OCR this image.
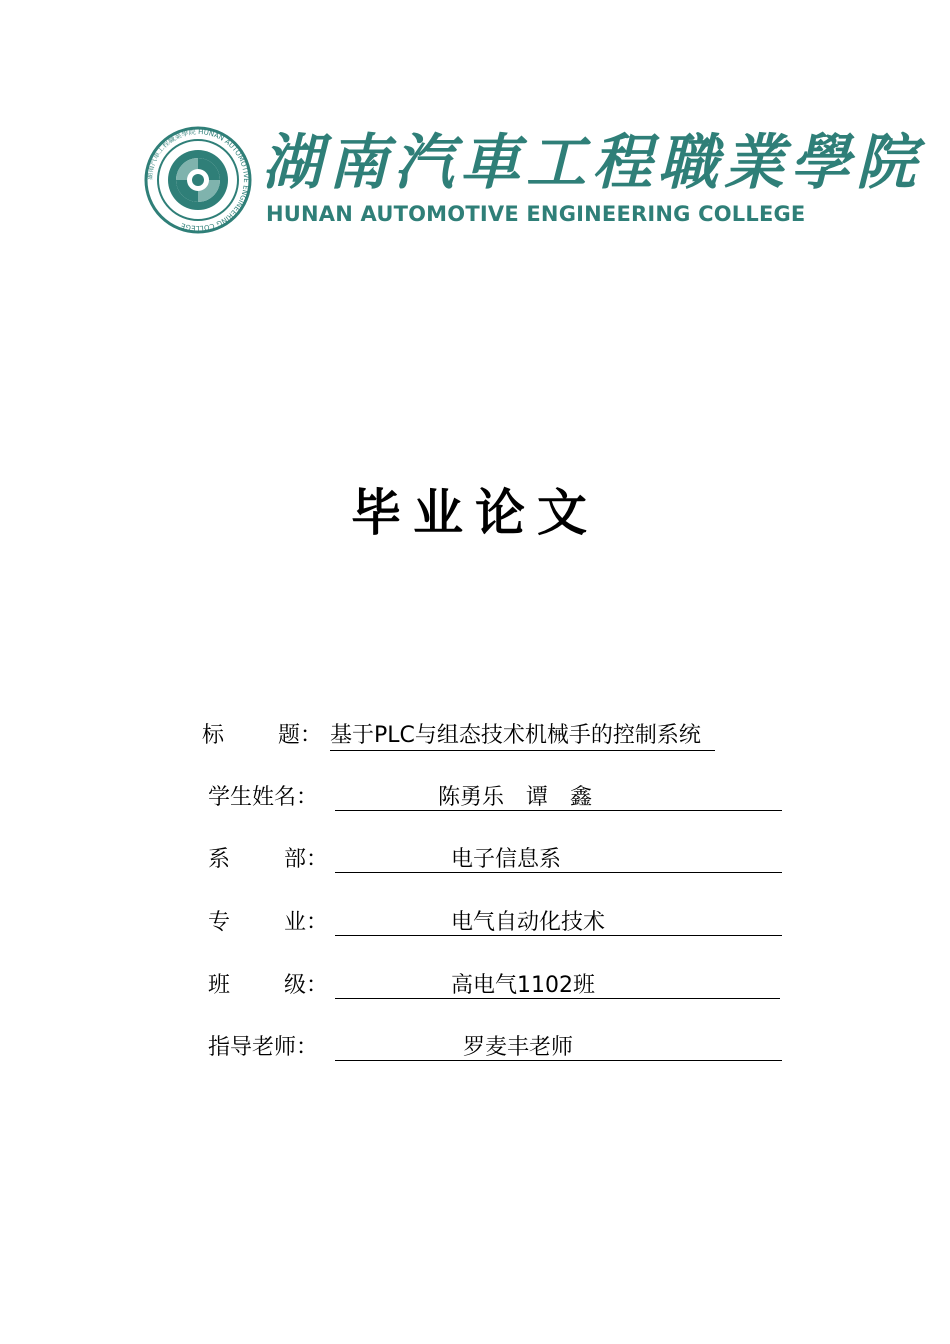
湖南汽車工程職業學院 HUNAN AUTOMOTIVE ENGINEERING COLLEGE
湖南汽車工程職業學院
HUNAN AUTOMOTIVE ENGINEERING COLLEGE
毕业论文
标 题： 基于PLC与组态技术机械手的控制系统
学生姓名：	陈勇乐　谭　鑫
系 部：	电子信息系
专 业：	电气自动化技术
班 级：	高电气1102班
指导老师：	罗麦丰老师
